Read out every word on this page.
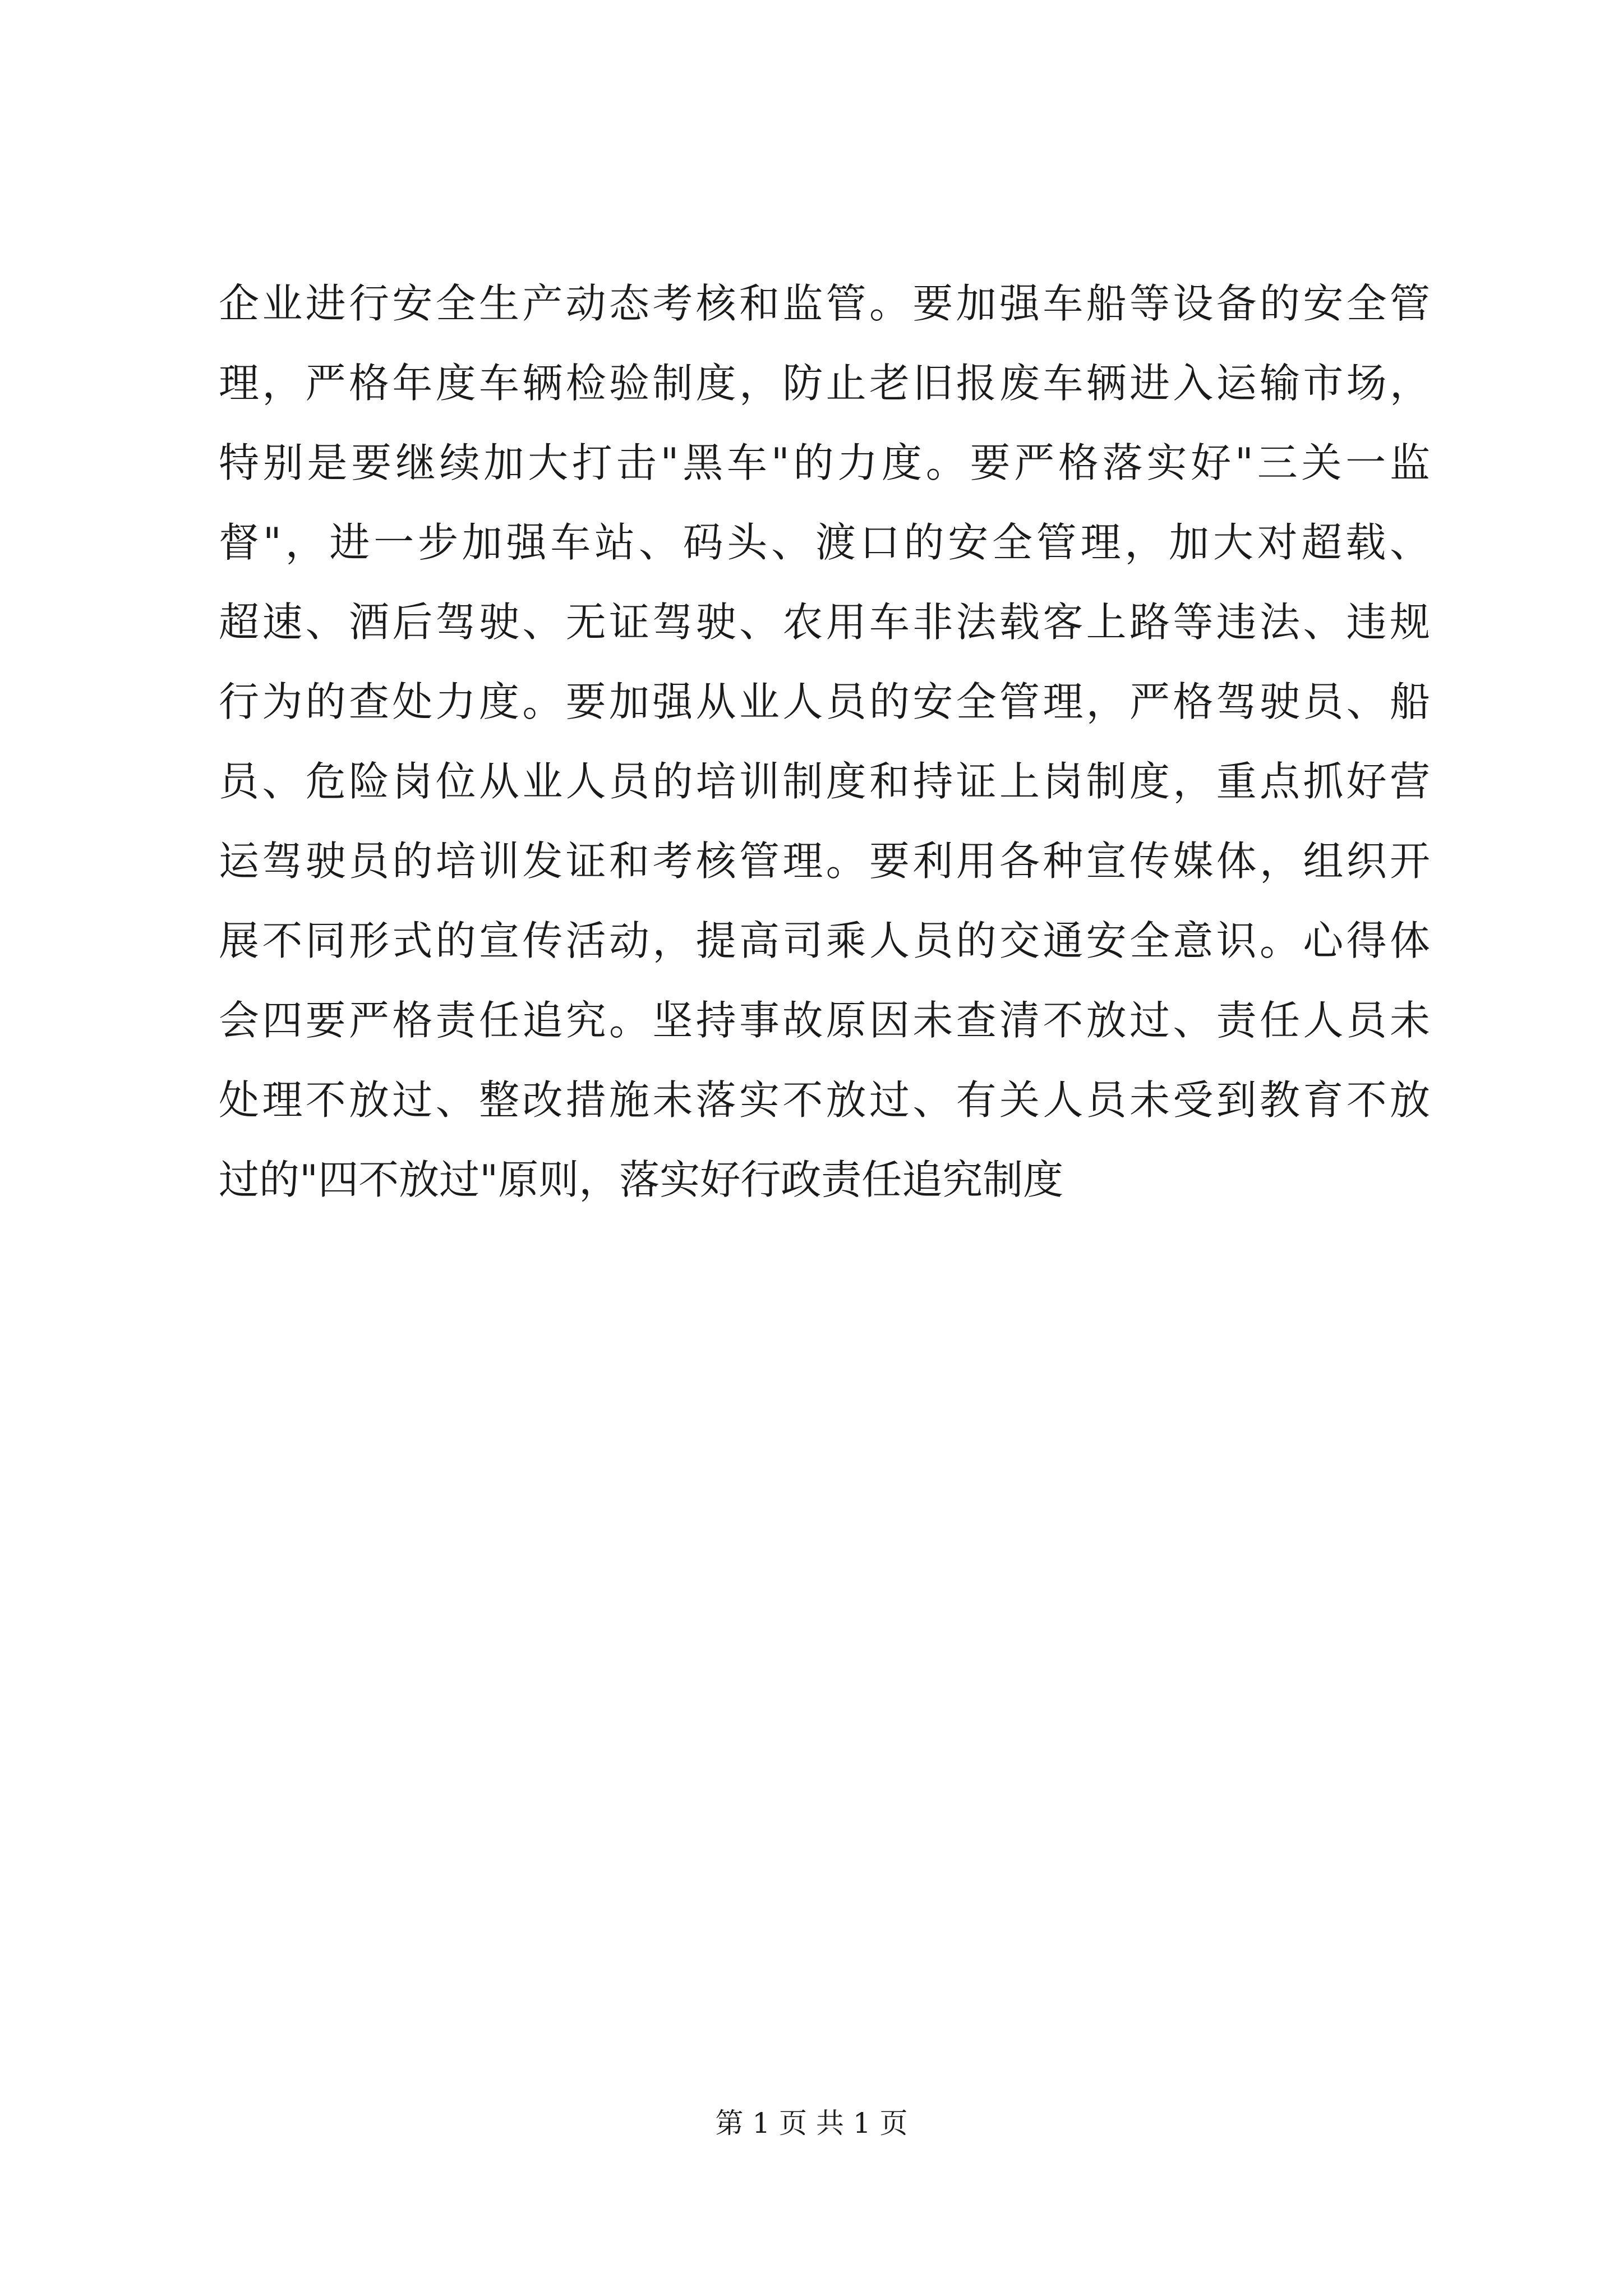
企业进行安全生产动态考核和监管。要加强车船等设备的安全管
理，严格年度车辆检验制度，防止老旧报废车辆进入运输市场，
特别是要继续加大打击"黑车"的力度。要严格落实好"三关一监
督"，进一步加强车站、码头、渡口的安全管理，加大对超载、
超速、酒后驾驶、无证驾驶、农用车非法载客上路等违法、违规
行为的查处力度。要加强从业人员的安全管理，严格驾驶员、船
员、危险岗位从业人员的培训制度和持证上岗制度，重点抓好营
运驾驶员的培训发证和考核管理。要利用各种宣传媒体，组织开
展不同形式的宣传活动，提高司乘人员的交通安全意识。心得体
会四要严格责任追究。坚持事故原因未查清不放过、责任人员未
处理不放过、整改措施未落实不放过、有关人员未受到教育不放
过的"四不放过"原则，落实好行政责任追究制度
第 1 页 共 1 页
